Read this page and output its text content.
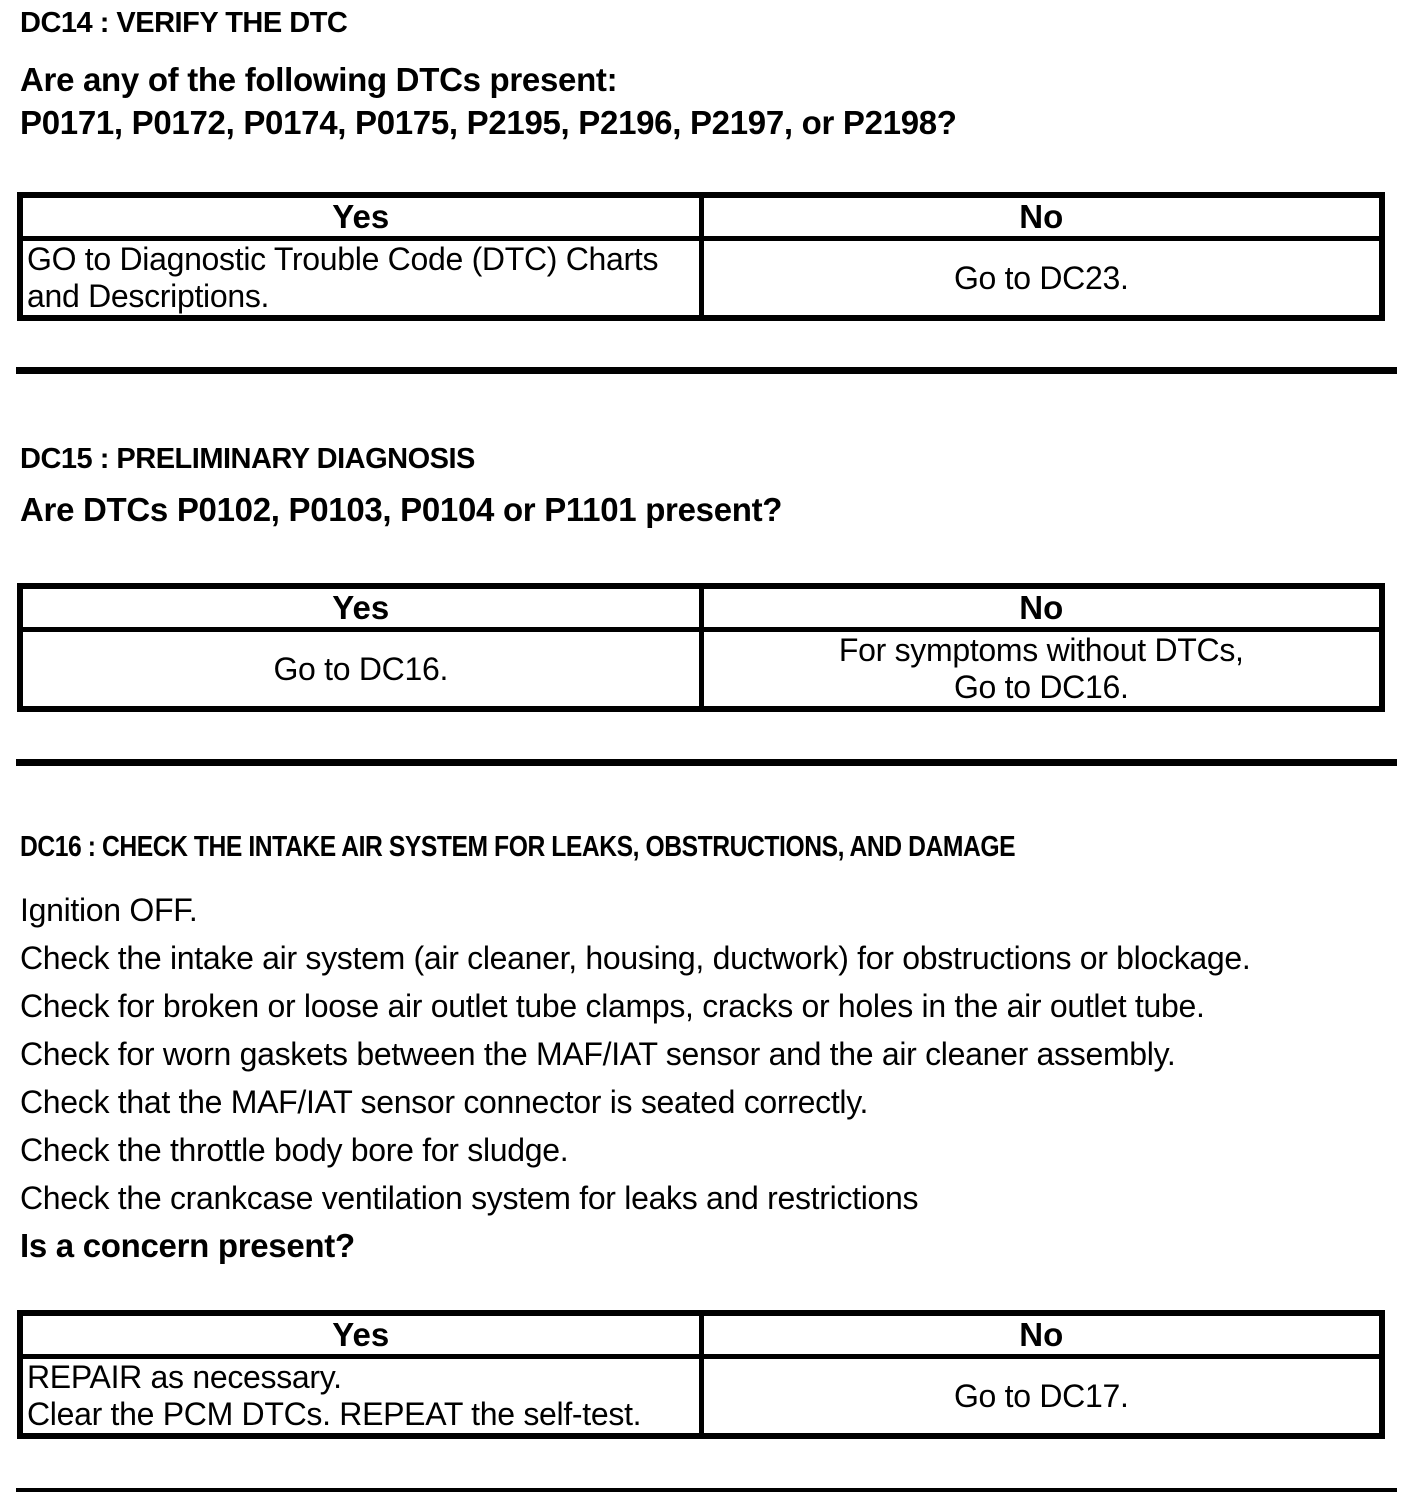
DC14 : VERIFY THE DTC
Are any of the following DTCs present:
P0171, P0172, P0174, P0175, P2195, P2196, P2197, or P2198?
Yes	No

GO to Diagnostic Trouble Code (DTC) Charts
and Descriptions.	Go to DC23.
DC15 : PRELIMINARY DIAGNOSIS
Are DTCs P0102, P0103, P0104 or P1101 present?
Yes	No

Go to DC16.	For symptoms without DTCs,
Go to DC16.
DC16 : CHECK THE INTAKE AIR SYSTEM FOR LEAKS, OBSTRUCTIONS, AND DAMAGE
Ignition OFF.
Check the intake air system (air cleaner, housing, ductwork) for obstructions or blockage.
Check for broken or loose air outlet tube clamps, cracks or holes in the air outlet tube.
Check for worn gaskets between the MAF/IAT sensor and the air cleaner assembly.
Check that the MAF/IAT sensor connector is seated correctly.
Check the throttle body bore for sludge.
Check the crankcase ventilation system for leaks and restrictions
Is a concern present?
Yes	No

REPAIR as necessary.
Clear the PCM DTCs. REPEAT the self-test.	Go to DC17.
